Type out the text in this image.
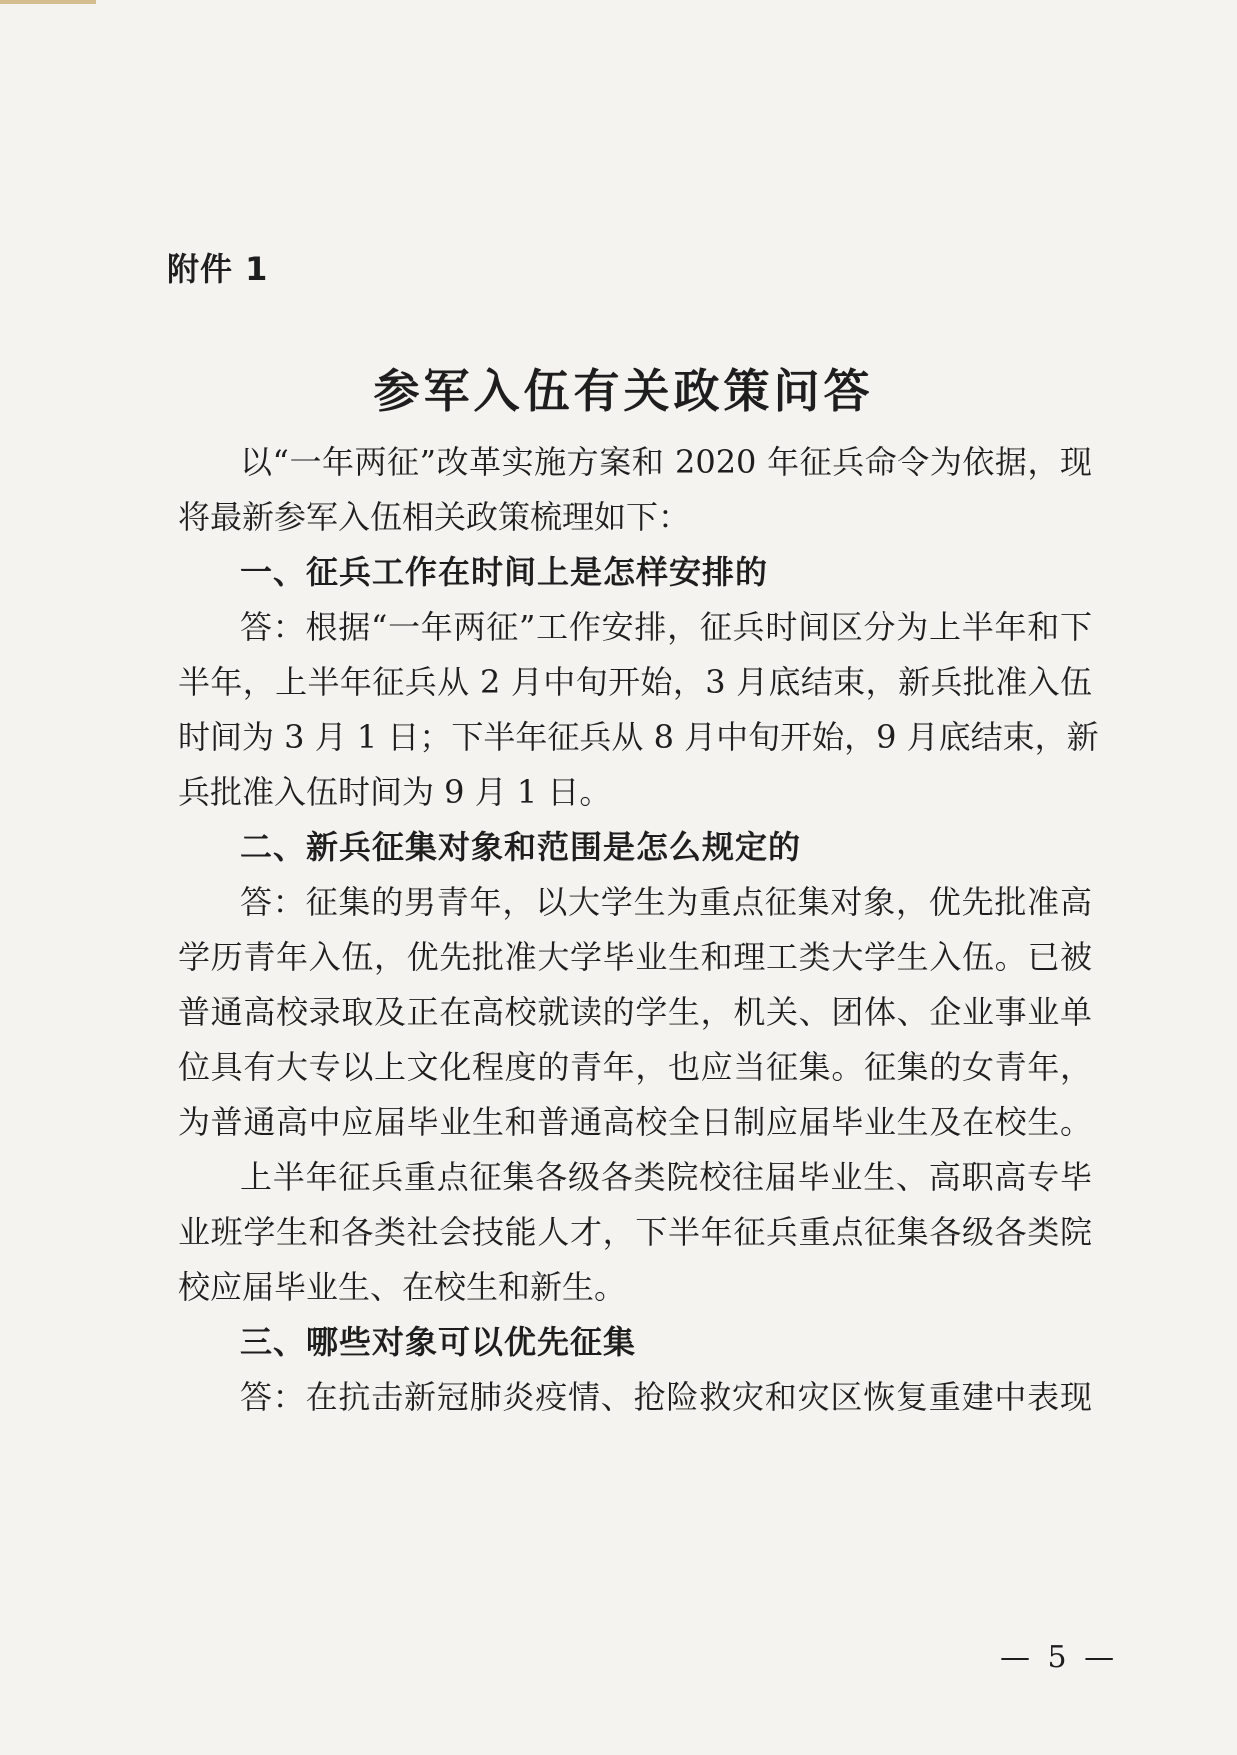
附件 1
参军入伍有关政策问答
以“一年两征”改革实施方案和 2020 年征兵命令为依据，现
将最新参军入伍相关政策梳理如下：
一、征兵工作在时间上是怎样安排的
答：根据“一年两征”工作安排，征兵时间区分为上半年和下
半年，上半年征兵从 2 月中旬开始，3 月底结束，新兵批准入伍
时间为 3 月 1 日；下半年征兵从 8 月中旬开始，9 月底结束，新
兵批准入伍时间为 9 月 1 日。
二、新兵征集对象和范围是怎么规定的
答：征集的男青年，以大学生为重点征集对象，优先批准高
学历青年入伍，优先批准大学毕业生和理工类大学生入伍。已被
普通高校录取及正在高校就读的学生，机关、团体、企业事业单
位具有大专以上文化程度的青年，也应当征集。征集的女青年，
为普通高中应届毕业生和普通高校全日制应届毕业生及在校生。
上半年征兵重点征集各级各类院校往届毕业生、高职高专毕
业班学生和各类社会技能人才，下半年征兵重点征集各级各类院
校应届毕业生、在校生和新生。
三、哪些对象可以优先征集
答：在抗击新冠肺炎疫情、抢险救灾和灾区恢复重建中表现
— 5 —
